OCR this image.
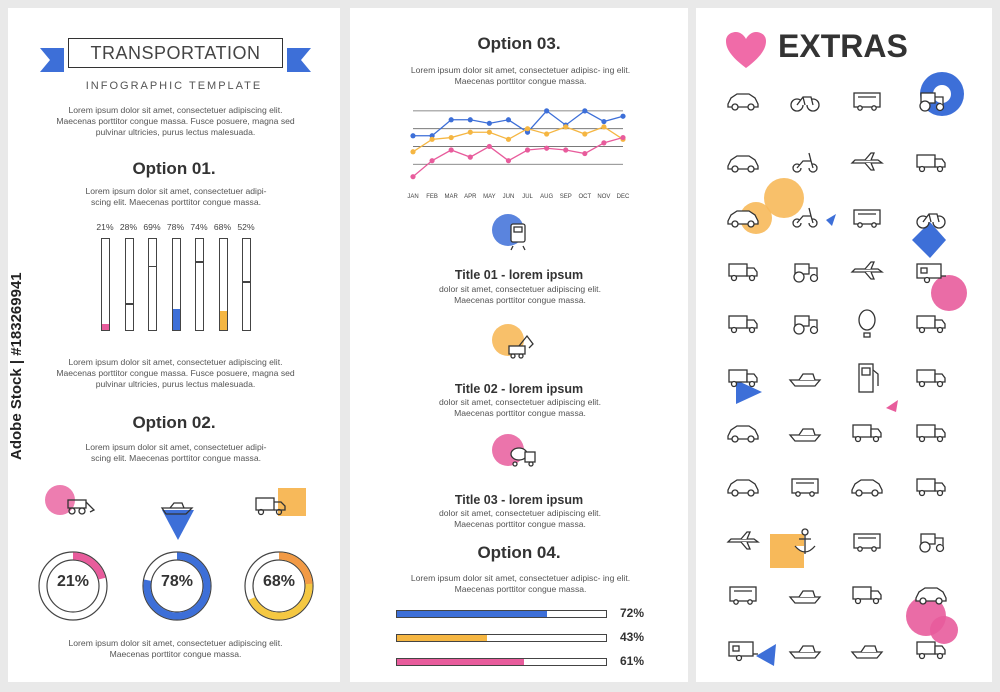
TRANSPORTATION
INFOGRAPHIC TEMPLATE
Lorem ipsum dolor sit amet, consectetuer adipiscing elit. Maecenas porttitor congue massa. Fusce posuere, magna sed pulvinar ultricies, purus lectus malesuada.
Option 01.
Lorem ipsum dolor sit amet, consectetuer adipi- scing elit. Maecenas porttitor congue massa.
21% 28% 69% 78% 74% 68% 52%
Lorem ipsum dolor sit amet, consectetuer adipiscing elit. Maecenas porttitor congue massa. Fusce posuere, magna sed pulvinar ultricies, purus lectus malesuada.
Option 02.
Lorem ipsum dolor sit amet, consectetuer adipi- scing elit. Maecenas porttitor congue massa.
21%	78%	68%
Lorem ipsum dolor sit amet, consectetuer adipiscing elit. Maecenas porttitor congue massa.
Adobe Stock | #183269941
Option 03.
Lorem ipsum dolor sit amet, consectetuer adipisc- ing elit. Maecenas porttitor congue massa.
JAN FEB MAR APR MAY JUN JUL AUG SEP OCT NOV DEC
Title 01 - lorem ipsum
dolor sit amet, consectetuer adipiscing elit. Maecenas porttitor congue massa.
Title 02 - lorem ipsum
dolor sit amet, consectetuer adipiscing elit. Maecenas porttitor congue massa.
Title 03 - lorem ipsum
dolor sit amet, consectetuer adipiscing elit. Maecenas porttitor congue massa.
Option 04.
Lorem ipsum dolor sit amet, consectetuer adipisc- ing elit. Maecenas porttitor congue massa.
72%
43%
61%
EXTRAS
